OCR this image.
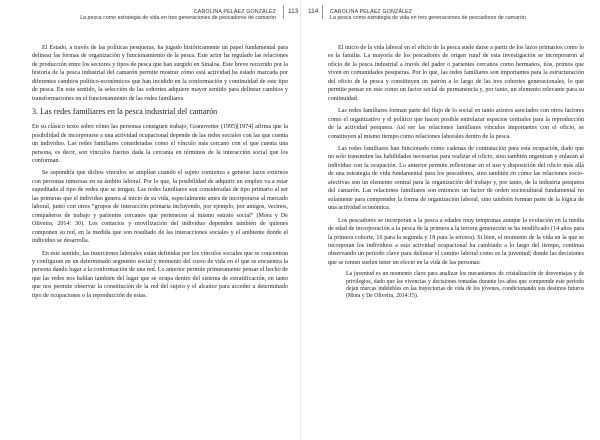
CAROLINA PELÁEZ GONZÁLEZ
La pesca como estrategia de vida en tres generaciones de pescadores de camarón
113

El Estado, a través de las políticas pesqueras, ha jugado históricamente un papel fundamental para delinear las formas de organización y funcionamiento de la pesca. Este actor ha regulado las relaciones de producción entre los sectores y tipos de pesca que han surgido en Sinaloa. Este breve recorrido por la historia de la pesca industrial del camarón permite mostrar cómo está actividad ha estado marcada por diferentes cambios político-económicos que han incidido en la conformación y continuidad de este tipo de pesca. En este sentido, la selección de las cohortes adquiere mayor sentido para delinear cambios y transformaciones en el funcionamiento de las redes familiares.

3. Las redes familiares en la pesca industrial del camarón

En su clásico texto sobre cómo las personas consiguen trabajo, Granovetter (1995)[1974] afirma que la posibilidad de incorporarse a una actividad ocupacional depende de las redes sociales con las que cuenta un individuo. Las redes familiares consideradas como el vínculo más cercano con el que cuenta una persona, es decir, son vínculos fuertes dada la cercanía en términos de la interacción social que los conforman.

Se supondría que dichos vínculos se amplían cuando el sujeto comienza a generar lazos externos con personas inmersas en su ámbito laboral. Por lo que, la posibilidad de adquirir un empleo va a estar supeditada al tipo de redes que se tengan. Las redes familiares son consideradas de tipo primario al ser las primeras que el individuo genera al inicio de su vida, especialmente antes de incorporarse al mercado laboral, junto con otros “grupos de interacción primaria incluyendo, por ejemplo, por amigos, vecinos, compañeros de trabajo y parientes cercanos que pertenecen al mismo estrato social” (Mora y De Oliveira, 2014: 30). Los contactos y movilización del individuo dependen también de quienes componen su red, en la medida que son resultado de las interacciones sociales y el ambiente donde el individuo se desarrolla.

En este sentido, las inserciones laborales están definidas por los vínculos sociales que se concentran y configuran en un determinado segmento social y momento del curso de vida en el que se encuentra la persona dando lugar a la conformación de una red. Lo anterior permite primeramente pensar el hecho de que las redes nos hablan también del lugar que se ocupa dentro del sistema de estratificación, en tanto que nos permite observar la constitución de la red del sujeto y el alcance para acceder a determinado tipo de ocupaciones o la reproducción de estas.

114	CAROLINA PELÁEZ GONZÁLEZ
La pesca como estrategia de vida en tres generaciones de pescadores de camarón

El inicio de la vida laboral en el oficio de la pesca suele darse a partir de los lazos primarios como lo es la familia. La mayoría de los pescadores de origen rural de esta investigación se incorporaron al oficio de la pesca industrial a través del padre o parientes cercanos como hermanos, tíos, primos que viven en comunidades pesqueras. Por lo que, las redes familiares son importantes para la estructuración del oficio de la pesca y constituyen un patrón a lo largo de las tres cohortes generacionales, lo que permite pensar en este como un factor social de permanencia y, por tanto, un elemento relevante para su continuidad.

Las redes familiares forman parte del flujo de lo social en tanto actores asociados con otros factores como el organizativo y el político que hacen posible entrelazar espacios centrales para la reproducción de la actividad pesquera. Así ser las relaciones familiares vínculos importantes con el oficio, se constituyen al mismo tiempo como relaciones laborales dentro de la pesca.

Las redes familiares han funcionado como cadenas de contratación para esta ocupación, dado que no solo transmiten las habilidades necesarias para realizar el oficio, sino también organizan y enlazan al individuo con la ocupación. Lo anterior permite reflexionar en el uso y disposición del oficio más allá de una estrategia de vida fundamental para los pescadores, sino también en cómo las relaciones socio-afectivas son un elemento central para la organización del trabajo y, por tanto, de la industria pesquera del camarón. Las relaciones familiares son entonces un factor de orden sociocultural fundamental no solamente para comprender la forma de organización laboral, sino también forman parte de la lógica de una actividad económica.

Los pescadores se incorporan a la pesca a edades muy tempranas aunque la evolución en la media de edad de incorporación a la pesca de la primera a la tercera generación se ha modificado (14 años para la primera cohorte, 16 para la segunda y 18 para la tercera). Si bien, el momento de la vida en la que se incorporan los individuos a esta actividad ocupacional ha cambiado a lo largo del tiempo, continua observando un periodo clave para delinear el camino laboral como es la juventud; donde las decisiones que se tomen suelen tener un efecto en la vida de las personas:

La juventud es un momento clave para analizar los mecanismos de cristalización de desventajas y de privilegios, dado que las vivencias y decisiones tomadas durante los años que comprende este período dejan marcas indelebles en las trayectorias de vida de los jóvenes, condicionando sus destinos futuros (Mora y De Oliveira, 2014:15).
